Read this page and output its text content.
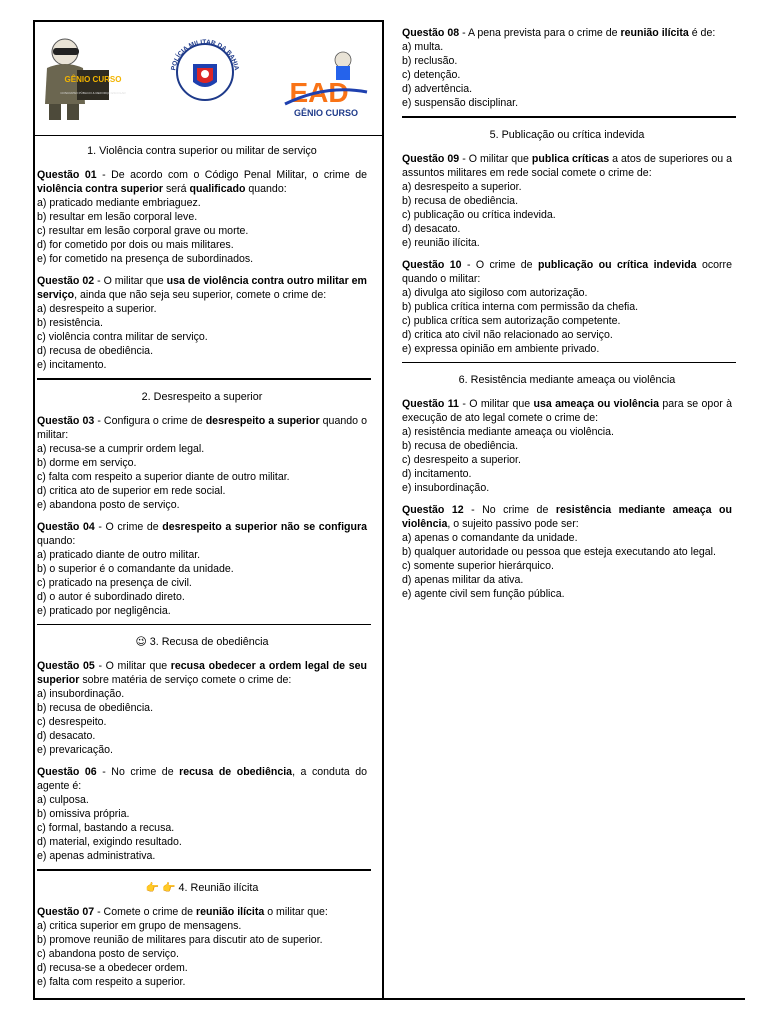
GÊNIO CURSO
CONCURSO PÚBLICO & REFORÇO ESCOLAR
POLÍCIA MILITAR DA BAHIA
EAD
GÊNIO CURSO
1. Violência contra superior ou militar de serviço
Questão 01 - De acordo com o Código Penal Militar, o crime de violência contra superior será qualificado quando:
a) praticado mediante embriaguez.
b) resultar em lesão corporal leve.
c) resultar em lesão corporal grave ou morte.
d) for cometido por dois ou mais militares.
e) for cometido na presença de subordinados.
Questão 02 - O militar que usa de violência contra outro militar em serviço, ainda que não seja seu superior, comete o crime de:
a) desrespeito a superior.
b) resistência.
c) violência contra militar de serviço.
d) recusa de obediência.
e) incitamento.
2. Desrespeito a superior
Questão 03 - Configura o crime de desrespeito a superior quando o militar:
a) recusa-se a cumprir ordem legal.
b) dorme em serviço.
c) falta com respeito a superior diante de outro militar.
d) critica ato de superior em rede social.
e) abandona posto de serviço.
Questão 04 - O crime de desrespeito a superior não se configura quando:
a) praticado diante de outro militar.
b) o superior é o comandante da unidade.
c) praticado na presença de civil.
d) o autor é subordinado direto.
e) praticado por negligência.
😉 3. Recusa de obediência
Questão 05 - O militar que recusa obedecer a ordem legal de seu superior sobre matéria de serviço comete o crime de:
a) insubordinação.
b) recusa de obediência.
c) desrespeito.
d) desacato.
e) prevaricação.
Questão 06 - No crime de recusa de obediência, a conduta do agente é:
a) culposa.
b) omissiva própria.
c) formal, bastando a recusa.
d) material, exigindo resultado.
e) apenas administrativa.
👉 👉 4. Reunião ilícita
Questão 07 - Comete o crime de reunião ilícita o militar que:
a) critica superior em grupo de mensagens.
b) promove reunião de militares para discutir ato de superior.
c) abandona posto de serviço.
d) recusa-se a obedecer ordem.
e) falta com respeito a superior.
Questão 08 - A pena prevista para o crime de reunião ilícita é de:
a) multa.
b) reclusão.
c) detenção.
d) advertência.
e) suspensão disciplinar.
5. Publicação ou crítica indevida
Questão 09 - O militar que publica críticas a atos de superiores ou a assuntos militares em rede social comete o crime de:
a) desrespeito a superior.
b) recusa de obediência.
c) publicação ou crítica indevida.
d) desacato.
e) reunião ilícita.
Questão 10 - O crime de publicação ou crítica indevida ocorre quando o militar:
a) divulga ato sigiloso com autorização.
b) publica crítica interna com permissão da chefia.
c) publica crítica sem autorização competente.
d) critica ato civil não relacionado ao serviço.
e) expressa opinião em ambiente privado.
6. Resistência mediante ameaça ou violência
Questão 11 - O militar que usa ameaça ou violência para se opor à execução de ato legal comete o crime de:
a) resistência mediante ameaça ou violência.
b) recusa de obediência.
c) desrespeito a superior.
d) incitamento.
e) insubordinação.
Questão 12 - No crime de resistência mediante ameaça ou violência, o sujeito passivo pode ser:
a) apenas o comandante da unidade.
b) qualquer autoridade ou pessoa que esteja executando ato legal.
c) somente superior hierárquico.
d) apenas militar da ativa.
e) agente civil sem função pública.
